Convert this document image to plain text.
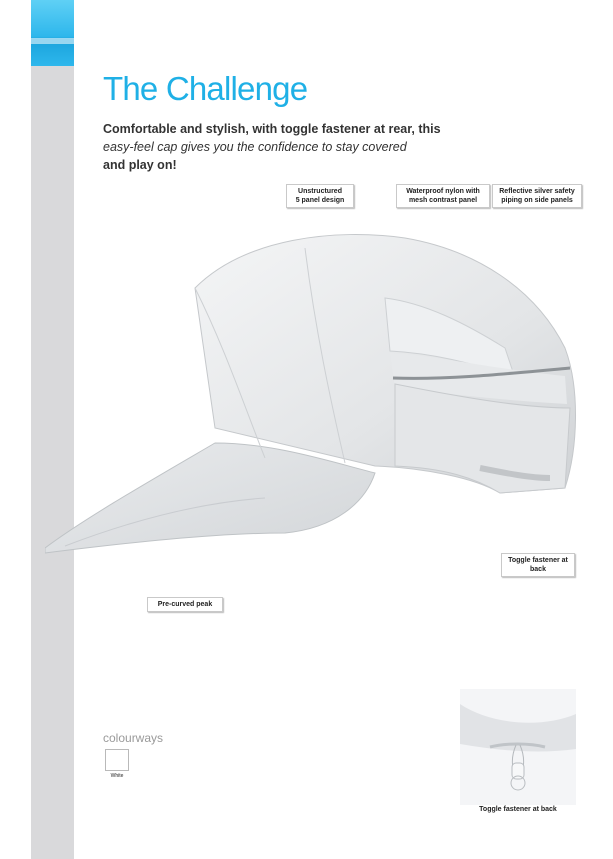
The Challenge
Comfortable and stylish, with toggle fastener at rear, this
easy-feel cap gives you the confidence to stay covered
and play on!
Unstructured
5 panel design
Waterproof nylon with
mesh contrast panel
Reflective silver safety
piping on side panels
Toggle fastener at
back
Pre-curved peak
colourways
White
Toggle fastener at back
